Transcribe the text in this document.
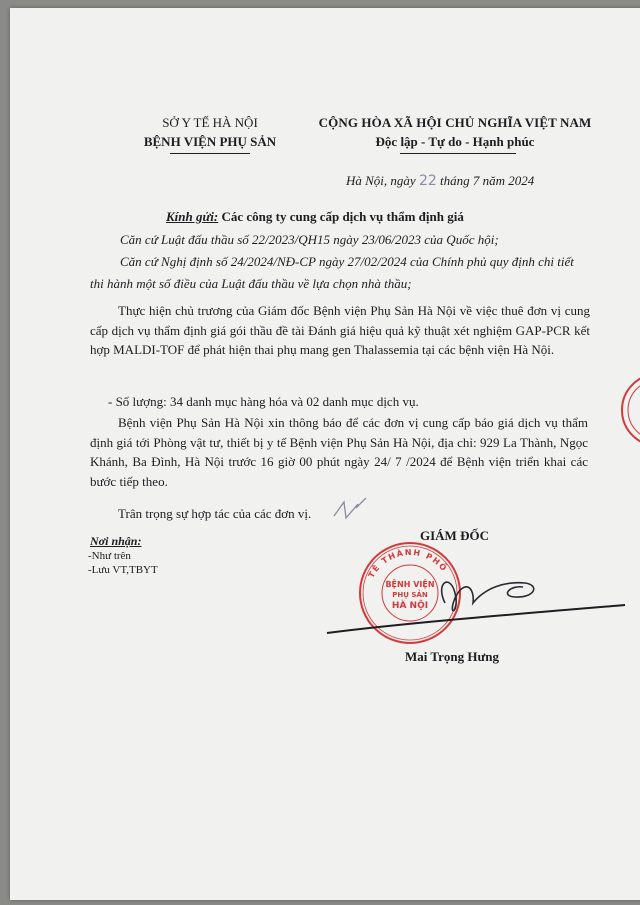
SỞ Y TẾ HÀ NỘI
BỆNH VIỆN PHỤ SẢN
CỘNG HÒA XÃ HỘI CHỦ NGHĨA VIỆT NAM
Độc lập - Tự do - Hạnh phúc
Hà Nội, ngày 22 tháng 7 năm 2024
Kính gửi: Các công ty cung cấp dịch vụ thẩm định giá
Căn cứ Luật đấu thầu số 22/2023/QH15 ngày 23/06/2023 của Quốc hội;
Căn cứ Nghị định số 24/2024/NĐ-CP ngày 27/02/2024 của Chính phủ quy định chi tiết
thi hành một số điều của Luật đấu thầu về lựa chọn nhà thầu;
Thực hiện chủ trương của Giám đốc Bệnh viện Phụ Sản Hà Nội về việc thuê đơn vị cung cấp dịch vụ thẩm định giá gói thầu đề tài Đánh giá hiệu quả kỹ thuật xét nghiệm GAP-PCR kết hợp MALDI-TOF để phát hiện thai phụ mang gen Thalassemia tại các bệnh viện Hà Nội.
- Số lượng: 34 danh mục hàng hóa và 02 danh mục dịch vụ.
Bệnh viện Phụ Sản Hà Nội xin thông báo để các đơn vị cung cấp báo giá dịch vụ thẩm định giá tới Phòng vật tư, thiết bị y tế Bệnh viện Phụ Sản Hà Nội, địa chỉ: 929 La Thành, Ngọc Khánh, Ba Đình, Hà Nội trước 16 giờ 00 phút ngày 24/ 7 /2024 để Bệnh viện triển khai các bước tiếp theo.
Trân trọng sự hợp tác của các đơn vị.
Nơi nhận:
-Như trên
-Lưu VT,TBYT
GIÁM ĐỐC
TÊ THÀNH PHỐ
BỆNH VIỆN
PHỤ SẢN
HÀ NỘI
Mai Trọng Hưng
